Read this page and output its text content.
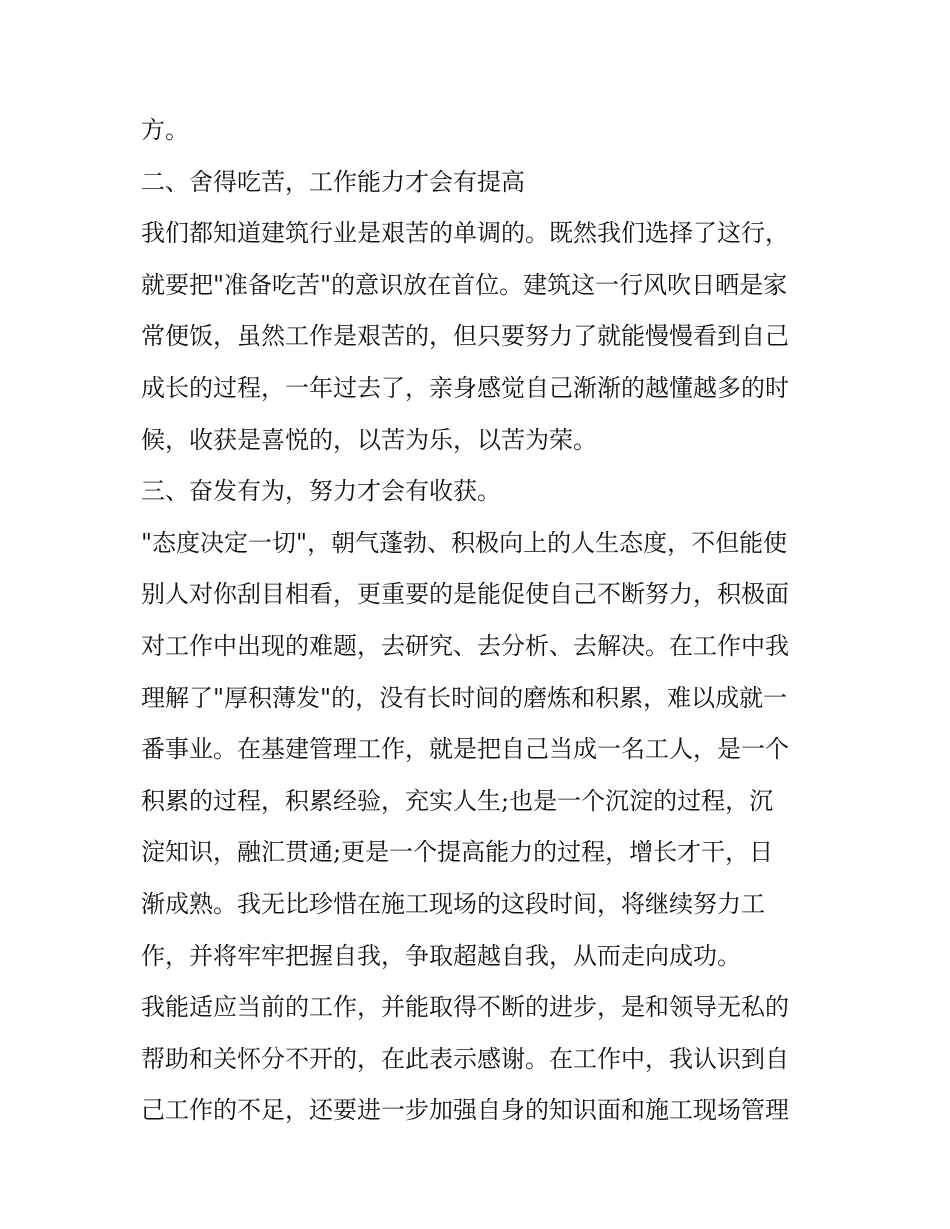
方。
二、舍得吃苦，工作能力才会有提高
我们都知道建筑行业是艰苦的单调的。既然我们选择了这行，
就要把"准备吃苦"的意识放在首位。建筑这一行风吹日晒是家
常便饭，虽然工作是艰苦的，但只要努力了就能慢慢看到自己
成长的过程，一年过去了，亲身感觉自己渐渐的越懂越多的时
候，收获是喜悦的，以苦为乐，以苦为荣。
三、奋发有为，努力才会有收获。
"态度决定一切"，朝气蓬勃、积极向上的人生态度，不但能使
别人对你刮目相看，更重要的是能促使自己不断努力，积极面
对工作中出现的难题，去研究、去分析、去解决。在工作中我
理解了"厚积薄发"的，没有长时间的磨炼和积累，难以成就一
番事业。在基建管理工作，就是把自己当成一名工人，是一个
积累的过程，积累经验，充实人生;也是一个沉淀的过程，沉
淀知识，融汇贯通;更是一个提高能力的过程，增长才干，日
渐成熟。我无比珍惜在施工现场的这段时间，将继续努力工
作，并将牢牢把握自我，争取超越自我，从而走向成功。
我能适应当前的工作，并能取得不断的进步，是和领导无私的
帮助和关怀分不开的，在此表示感谢。在工作中，我认识到自
己工作的不足，还要进一步加强自身的知识面和施工现场管理
